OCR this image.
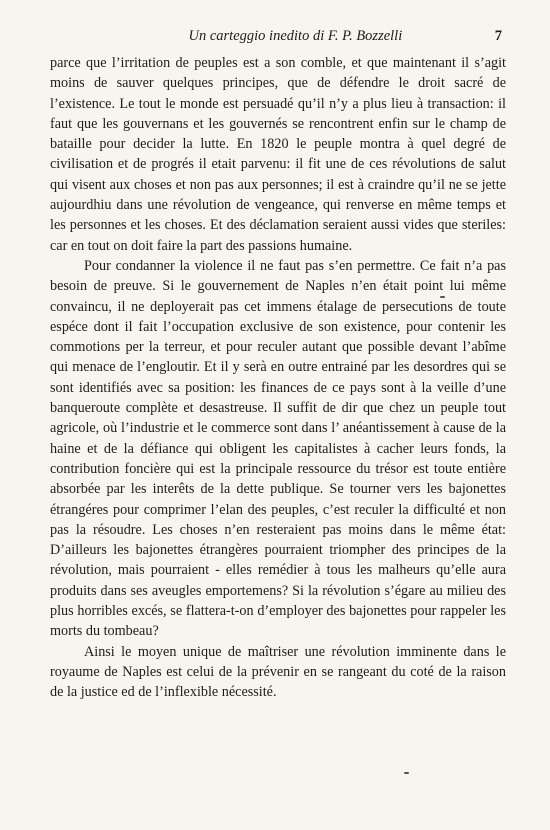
Un carteggio inedito di F. P. Bozzelli	7

parce que l’irritation de peuples est a son comble, et que maintenant il s’agit moins de sauver quelques principes, que de défendre le droit sacré de l’existence. Le tout le monde est persuadé qu’il n’y a plus lieu à transaction: il faut que les gouvernans et les gouvernés se rencontrent enfin sur le champ de bataille pour decider la lutte. En 1820 le peuple montra à quel degré de civilisation et de progrés il etait parvenu: il fit une de ces révolutions de salut qui visent aux choses et non pas aux personnes; il est à craindre qu’il ne se jette aujourdhiu dans une révolution de vengeance, qui renverse en même temps et les personnes et les choses. Et des déclamation seraient aussi vides que steriles: car en tout on doit faire la part des passions humaine.

Pour condanner la violence il ne faut pas s’en permettre. Ce fait n’a pas besoin de preuve. Si le gouvernement de Naples n’en était point lui même convaincu, il ne deployerait pas cet immens étalage de persecutions de toute espéce dont il fait l’occupation exclusive de son existence, pour contenir les commotions per la terreur, et pour reculer autant que possible devant l’abîme qui menace de l’engloutir. Et il y serà en outre entrainé par les desordres qui se sont identifiés avec sa position: les finances de ce pays sont à la veille d’une banqueroute complète et desastreuse. Il suffit de dir que chez un peuple tout agricole, où l’industrie et le commerce sont dans l’ anéantissement à cause de la haine et de la défiance qui obligent les capitalistes à cacher leurs fonds, la contribution foncière qui est la principale ressource du trésor est toute entière absorbée par les interêts de la dette publique. Se tourner vers les bajonettes étrangéres pour comprimer l’elan des peuples, c’est reculer la difficulté et non pas la résoudre. Les choses n’en resteraient pas moins dans le même état: D’ailleurs les bajonettes étrangères pourraient triompher des principes de la révolution, mais pourraient - elles remédier à tous les malheurs qu’elle aura produits dans ses aveugles emportemens? Si la révolution s’égare au milieu des plus horribles excés, se flattera-t-on d’employer des bajonettes pour rappeler les morts du tombeau?

Ainsi le moyen unique de maîtriser une révolution imminente dans le royaume de Naples est celui de la prévenir en se rangeant du coté de la raison de la justice ed de l’inflexible nécessité.
